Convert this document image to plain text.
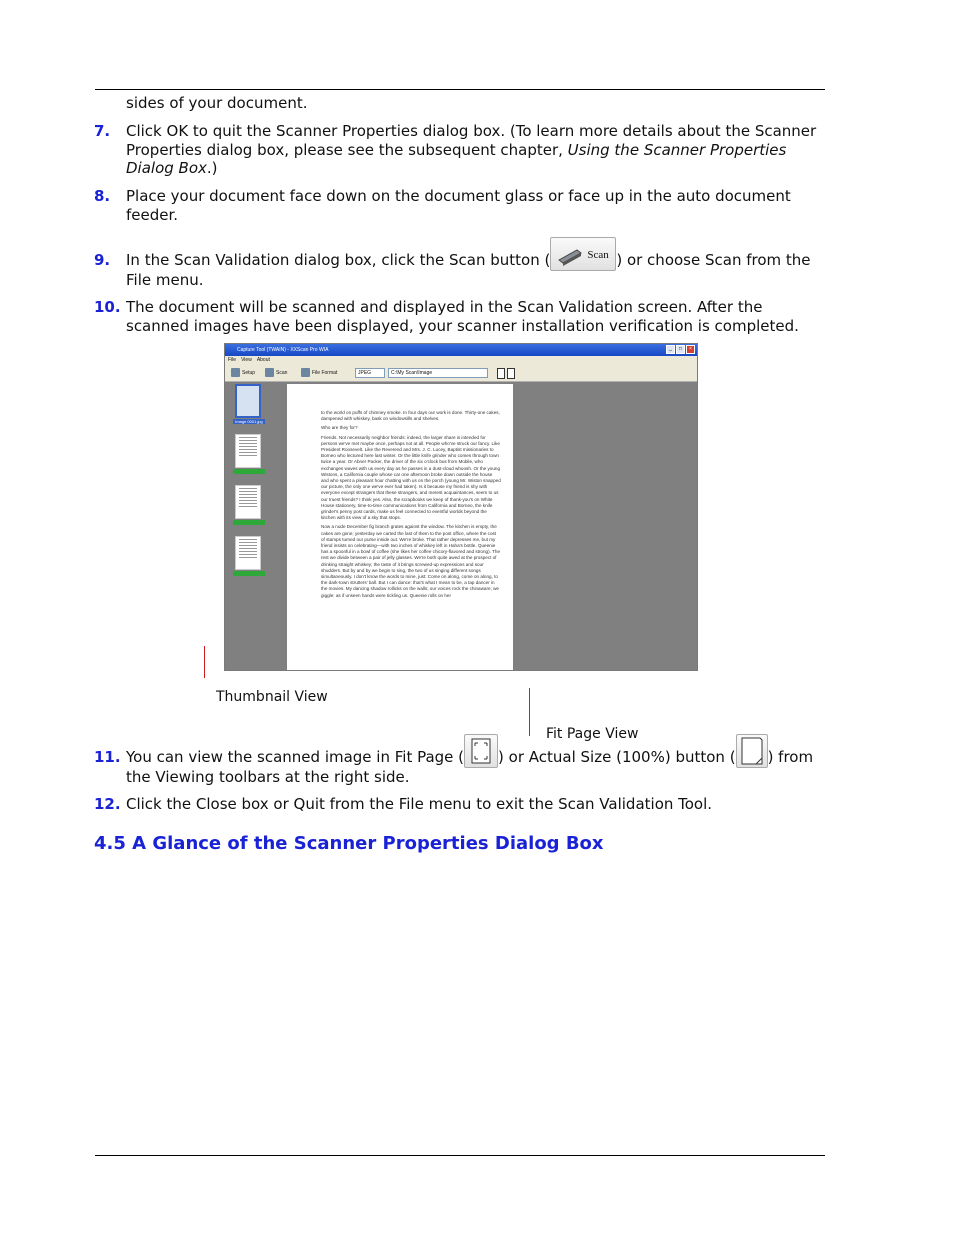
sides of your document.
7. Click OK to quit the Scanner Properties dialog box. (To learn more details about the Scanner Properties dialog box, please see the subsequent chapter, Using the Scanner Properties Dialog Box.)
8. Place your document face down on the document glass or face up in the auto document feeder.
9. In the Scan Validation dialog box, click the Scan button (	Scan ) or choose Scan from the File menu.
10. The document will be scanned and displayed in the Scan Validation screen. After the scanned images have been displayed, your scanner installation verification is completed.
Capture Tool (TWAIN) - XXScan Pro WIA	_	□	×
File View About
Setup	Scan	File Format	JPEG	C:\My Scan\Image
Image 0001.jpg

to the world on puffs of chimney smoke. In four days our work is done. Thirty-one cakes, dampened with whiskey, bask on windowsills and shelves.

Who are they for?

Friends. Not necessarily neighbor friends: indeed, the larger share is intended for persons we've met maybe once, perhaps not at all. People who've struck our fancy. Like President Roosevelt. Like the Reverend and Mrs. J. C. Lucey, Baptist missionaries to Borneo who lectured here last winter. Or the little knife grinder who comes through town twice a year. Or Abner Packer, the driver of the six o'clock bus from Mobile, who exchanges waves with us every day as he passes in a dust-cloud whoosh. Or the young Wistons, a California couple whose car one afternoon broke down outside the house and who spent a pleasant hour chatting with us on the porch (young Mr. Wiston snapped our picture, the only one we've ever had taken). Is it because my friend is shy with everyone except strangers that these strangers, and merest acquaintances, seem to us our truest friends? I think yes. Also, the scrapbooks we keep of thank-you's on White House stationery, time-to-time communications from California and Borneo, the knife grinder's penny post cards, make us feel connected to eventful worlds beyond the kitchen with its view of a sky that stops.

Now a nude December fig branch grates against the window. The kitchen is empty, the cakes are gone; yesterday we carted the last of them to the post office, where the cost of stamps turned our purse inside out. We're broke. That rather depresses me, but my friend insists on celebrating—with two inches of whiskey left in Haha's bottle. Queenie has a spoonful in a bowl of coffee (she likes her coffee chicory-flavored and strong). The rest we divide between a pair of jelly glasses. We're both quite awed at the prospect of drinking straight whiskey; the taste of it brings screwed-up expressions and sour shudders. But by and by we begin to sing, the two of us singing different songs simultaneously. I don't know the words to mine, just: Come on along, come on along, to the dark-town strutters' ball. But I can dance: that's what I mean to be, a tap dancer in the movies. My dancing shadow rollicks on the walls; our voices rock the chinaware; we giggle: as if unseen hands were tickling us. Queenie rolls on her

Thumbnail View
Fit Page View
11. You can view the scanned image in Fit Page ( ) or Actual Size (100%) button ( ) from the Viewing toolbars at the right side.
12. Click the Close box or Quit from the File menu to exit the Scan Validation Tool.
4.5 A Glance of the Scanner Properties Dialog Box
